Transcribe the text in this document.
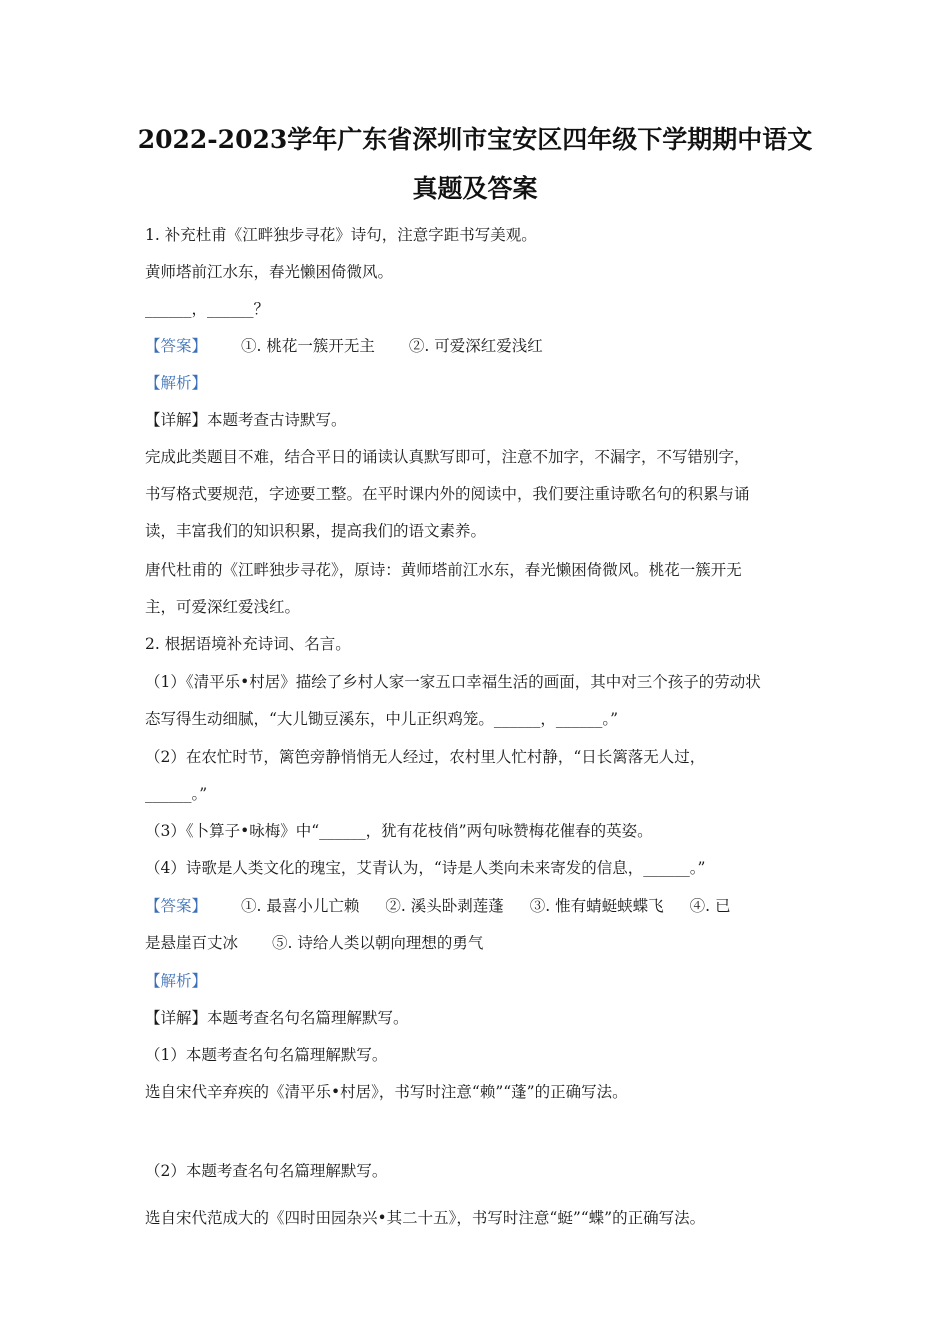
2022-2023学年广东省深圳市宝安区四年级下学期期中语文
真题及答案
1. 补充杜甫《江畔独步寻花》诗句，注意字距书写美观。
黄师塔前江水东，春光懒困倚微风。
______，______？
【答案】 ①. 桃花一簇开无主 ②. 可爱深红爱浅红
【解析】
【详解】本题考查古诗默写。
完成此类题目不难，结合平日的诵读认真默写即可，注意不加字，不漏字，不写错别字，
书写格式要规范，字迹要工整。在平时课内外的阅读中，我们要注重诗歌名句的积累与诵
读，丰富我们的知识积累，提高我们的语文素养。
唐代杜甫的《江畔独步寻花》，原诗：黄师塔前江水东，春光懒困倚微风。桃花一簇开无
主，可爱深红爱浅红。
2. 根据语境补充诗词、名言。
（1）《清平乐•村居》描绘了乡村人家一家五口幸福生活的画面，其中对三个孩子的劳动状
态写得生动细腻，“大儿锄豆溪东，中儿正织鸡笼。______，______。”
（2）在农忙时节，篱笆旁静悄悄无人经过，农村里人忙村静，“日长篱落无人过，
______。”
（3）《卜算子•咏梅》中“______，犹有花枝俏”两句咏赞梅花催春的英姿。
（4）诗歌是人类文化的瑰宝，艾青认为，“诗是人类向未来寄发的信息，______。”
【答案】 ①. 最喜小儿亡赖 ②. 溪头卧剥莲蓬 ③. 惟有蜻蜓蛱蝶飞 ④. 已
是悬崖百丈冰 ⑤. 诗给人类以朝向理想的勇气
【解析】
【详解】本题考查名句名篇理解默写。
（1）本题考查名句名篇理解默写。
选自宋代辛弃疾的《清平乐•村居》，书写时注意“赖”“蓬”的正确写法。
（2）本题考查名句名篇理解默写。
选自宋代范成大的《四时田园杂兴•其二十五》，书写时注意“蜓”“蝶”的正确写法。
